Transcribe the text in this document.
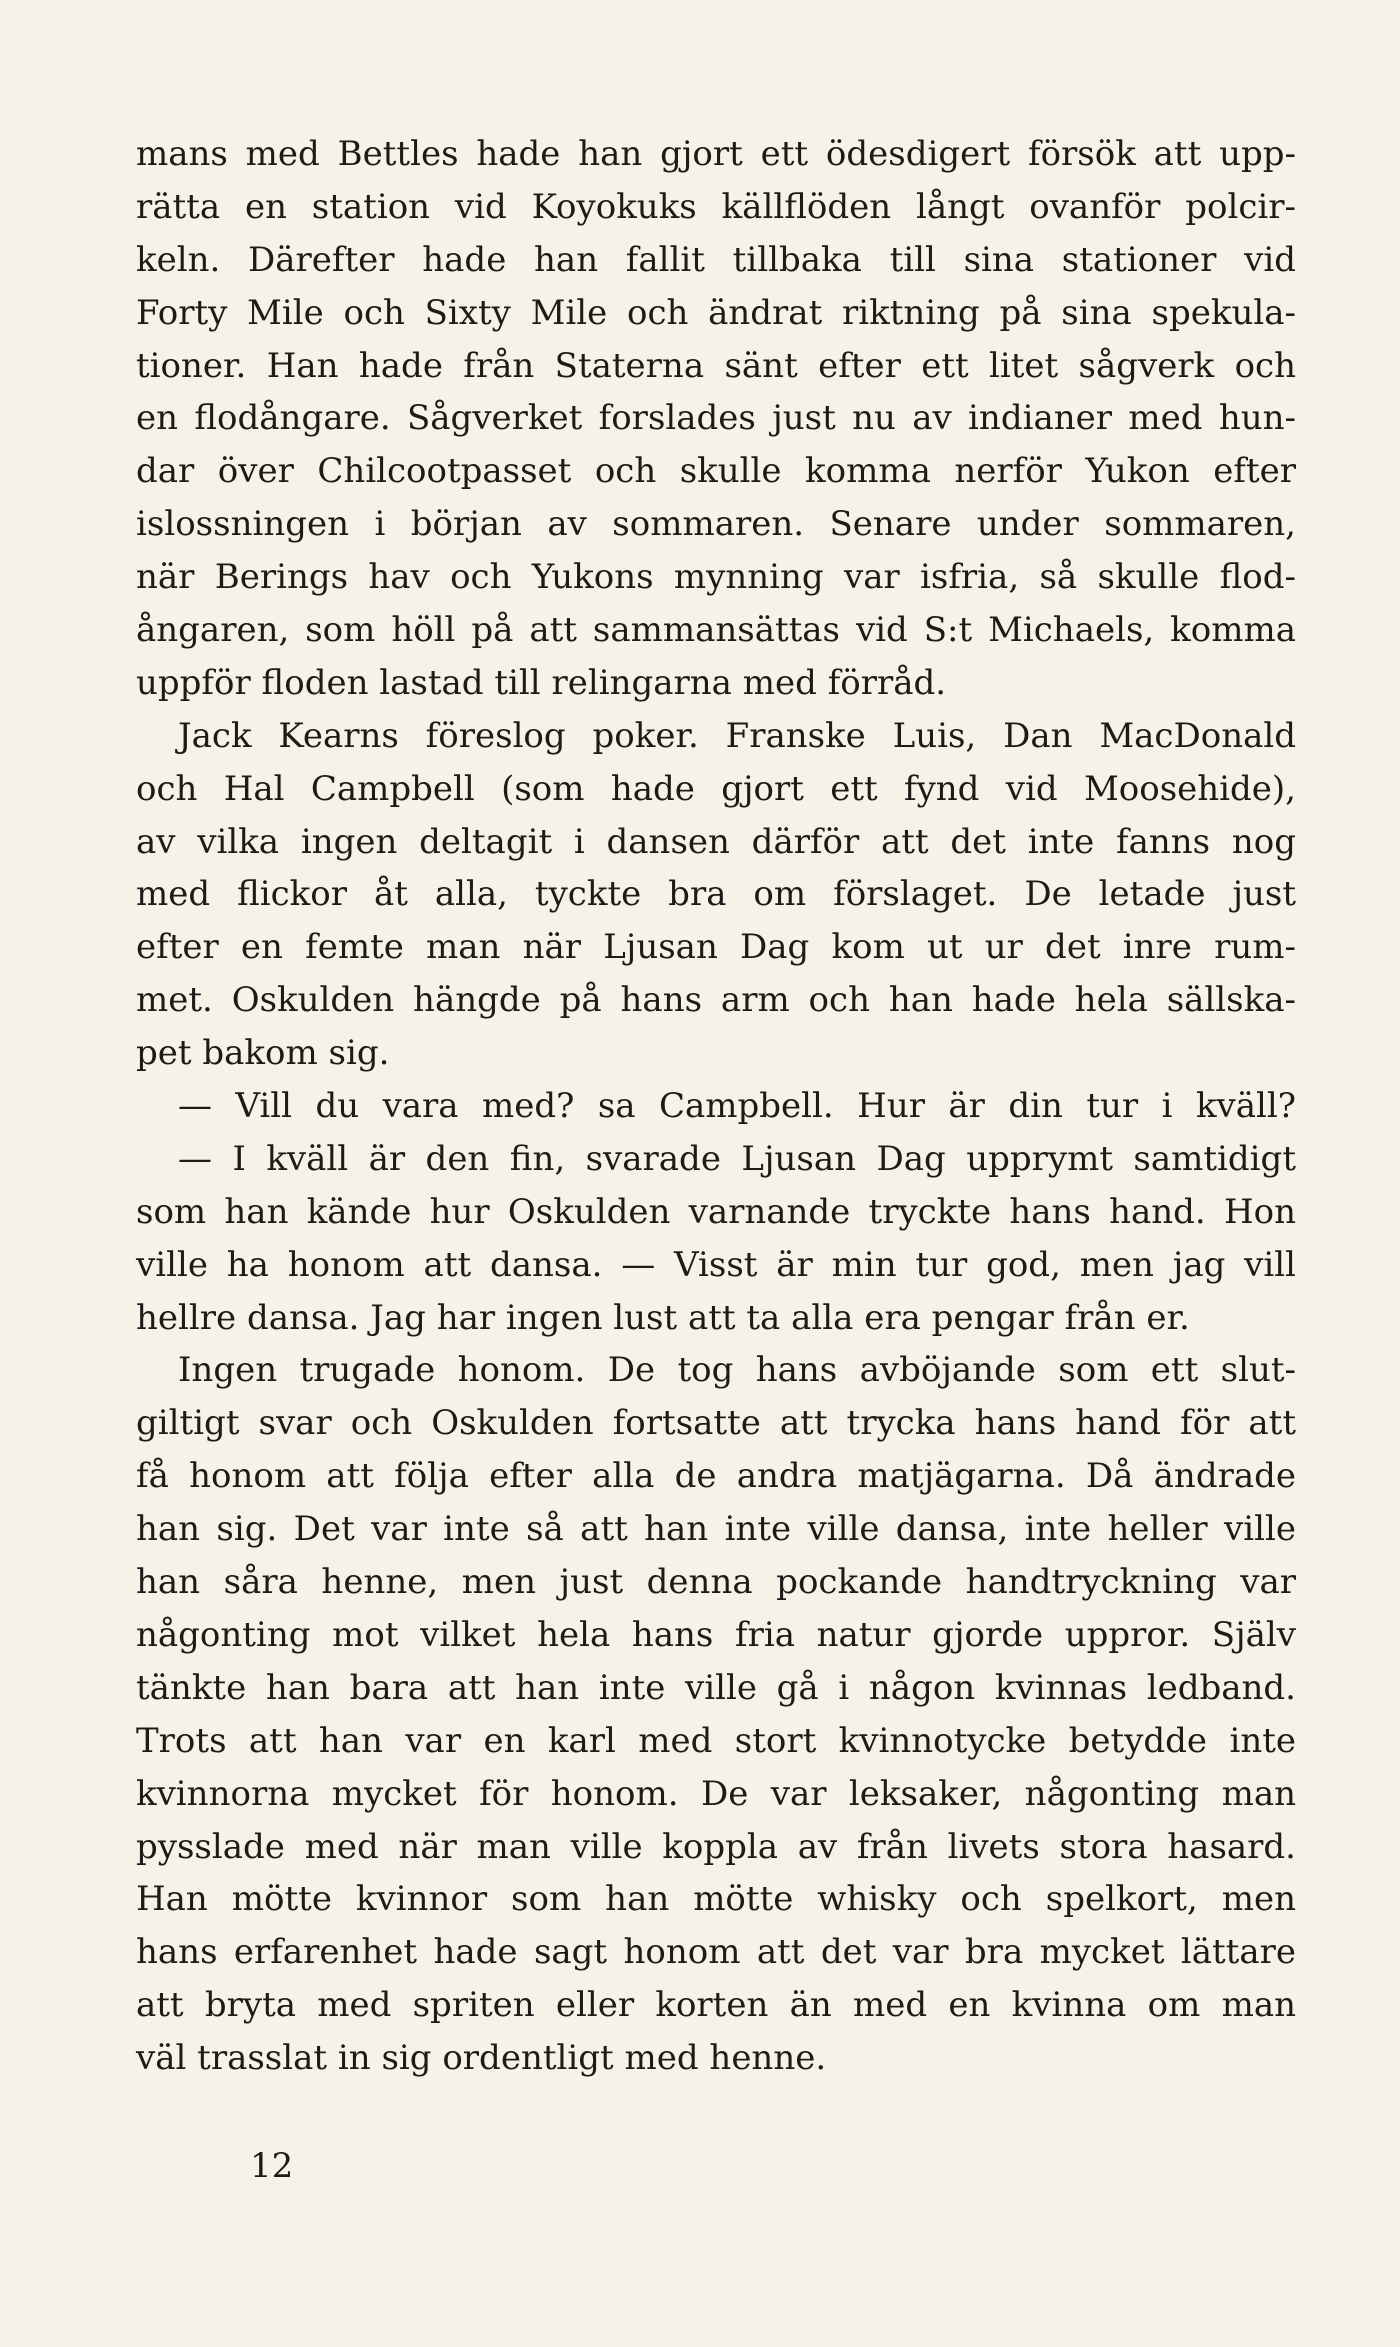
mans med Bettles hade han gjort ett ödesdigert försök att upp-
rätta en station vid Koyokuks källflöden långt ovanför polcir-
keln. Därefter hade han fallit tillbaka till sina stationer vid
Forty Mile och Sixty Mile och ändrat riktning på sina spekula-
tioner. Han hade från Staterna sänt efter ett litet sågverk och
en flodångare. Sågverket forslades just nu av indianer med hun-
dar över Chilcootpasset och skulle komma nerför Yukon efter
islossningen i början av sommaren. Senare under sommaren,
när Berings hav och Yukons mynning var isfria, så skulle flod-
ångaren, som höll på att sammansättas vid S:t Michaels, komma
uppför floden lastad till relingarna med förråd.
Jack Kearns föreslog poker. Franske Luis, Dan MacDonald
och Hal Campbell (som hade gjort ett fynd vid Moosehide),
av vilka ingen deltagit i dansen därför att det inte fanns nog
med flickor åt alla, tyckte bra om förslaget. De letade just
efter en femte man när Ljusan Dag kom ut ur det inre rum-
met. Oskulden hängde på hans arm och han hade hela sällska-
pet bakom sig.
— Vill du vara med? sa Campbell. Hur är din tur i kväll?
— I kväll är den fin, svarade Ljusan Dag upprymt samtidigt
som han kände hur Oskulden varnande tryckte hans hand. Hon
ville ha honom att dansa. — Visst är min tur god, men jag vill
hellre dansa. Jag har ingen lust att ta alla era pengar från er.
Ingen trugade honom. De tog hans avböjande som ett slut-
giltigt svar och Oskulden fortsatte att trycka hans hand för att
få honom att följa efter alla de andra matjägarna. Då ändrade
han sig. Det var inte så att han inte ville dansa, inte heller ville
han såra henne, men just denna pockande handtryckning var
någonting mot vilket hela hans fria natur gjorde uppror. Själv
tänkte han bara att han inte ville gå i någon kvinnas ledband.
Trots att han var en karl med stort kvinnotycke betydde inte
kvinnorna mycket för honom. De var leksaker, någonting man
pysslade med när man ville koppla av från livets stora hasard.
Han mötte kvinnor som han mötte whisky och spelkort, men
hans erfarenhet hade sagt honom att det var bra mycket lättare
att bryta med spriten eller korten än med en kvinna om man
väl trasslat in sig ordentligt med henne.
12
